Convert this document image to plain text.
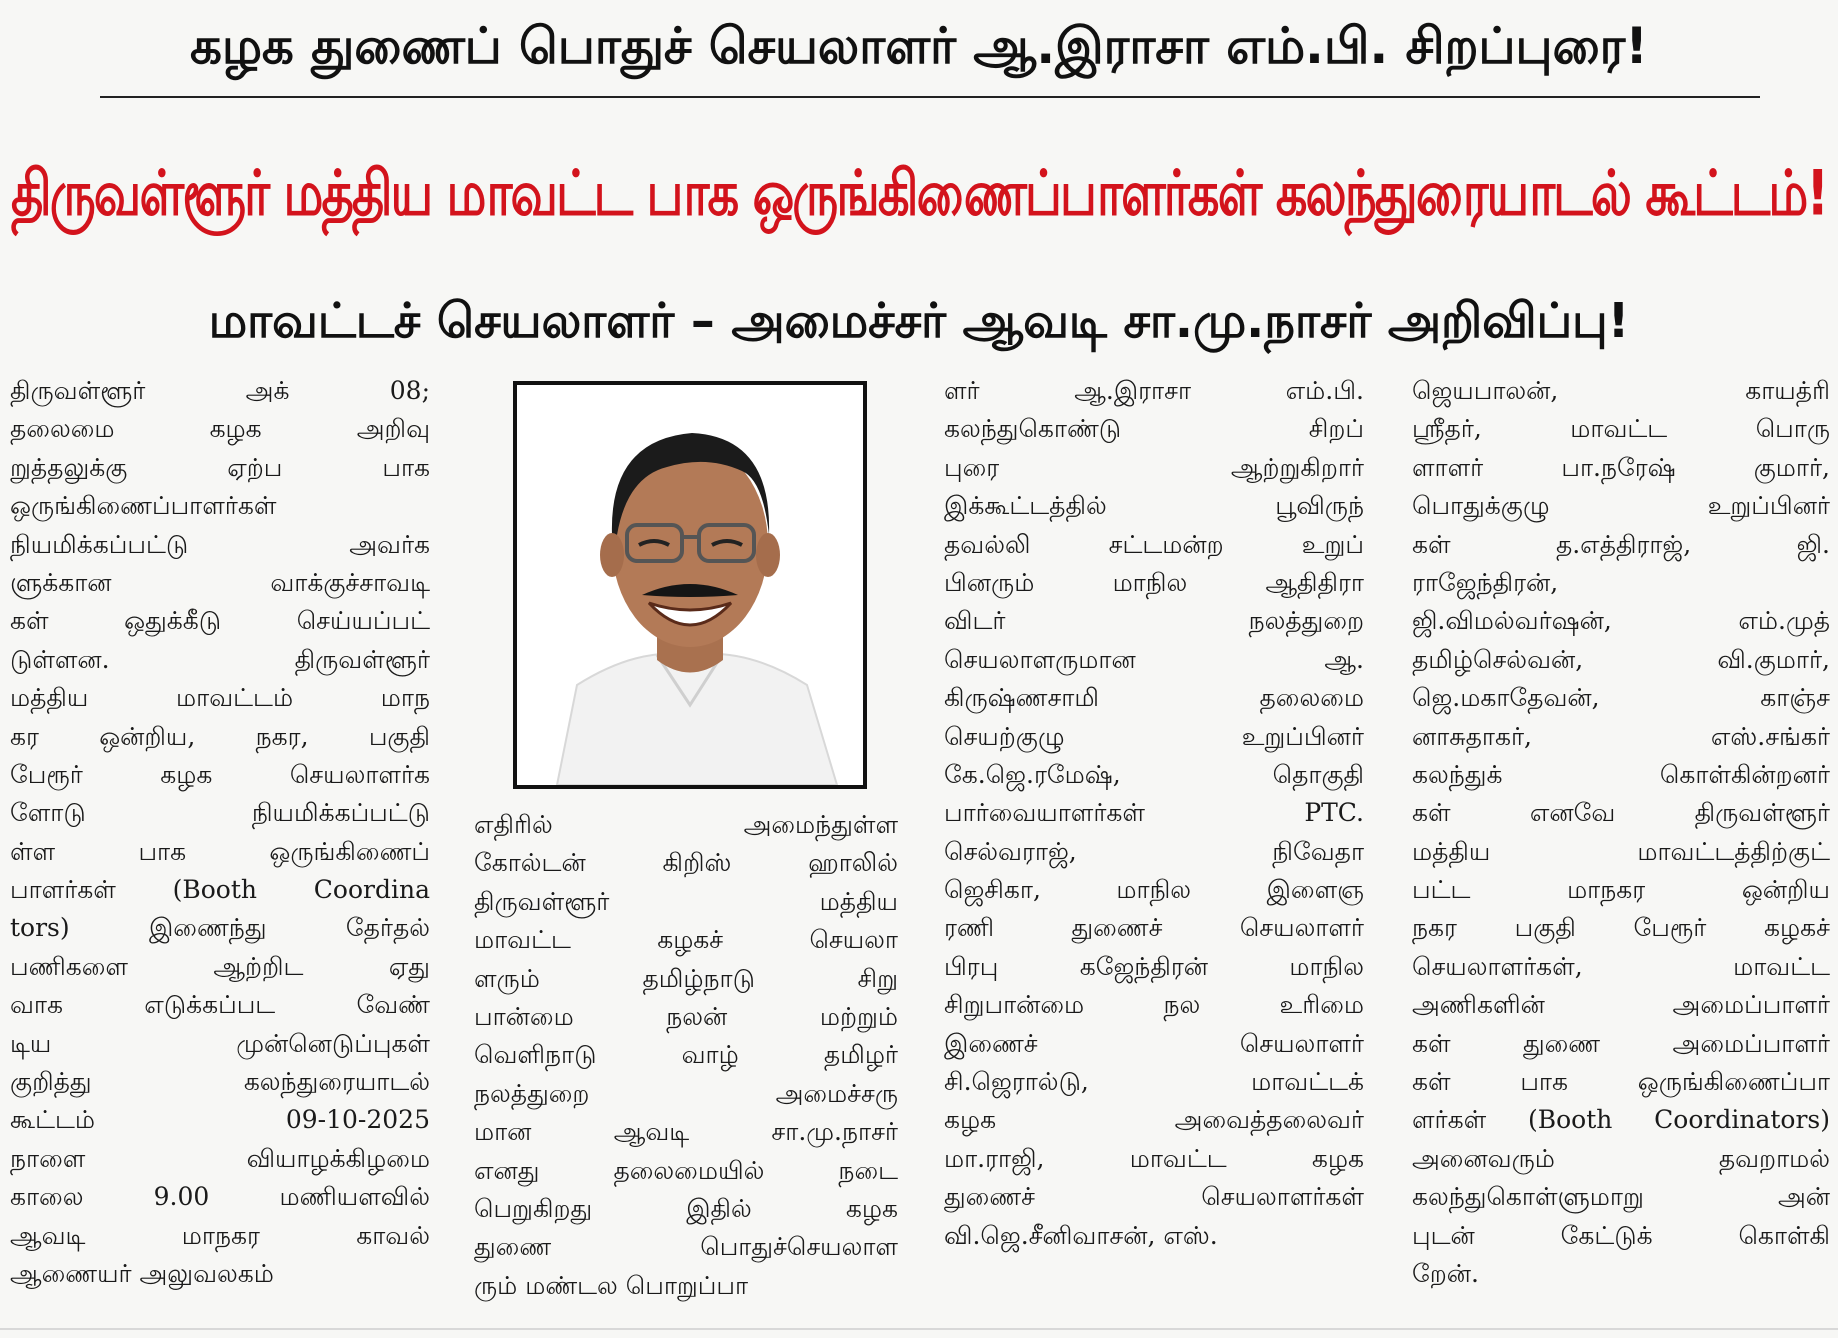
கழக துணைப் பொதுச் செயலாளர் ஆ.இராசா எம்.பி. சிறப்புரை!
திருவள்ளூர் மத்திய மாவட்ட பாக ஒருங்கிணைப்பாளர்கள் கலந்துரையாடல் கூட்டம்!
மாவட்டச் செயலாளர் – அமைச்சர் ஆவடி சா.மு.நாசர் அறிவிப்பு!
திருவள்ளூர் அக் 08;
தலைமை கழக அறிவு
றுத்தலுக்கு ஏற்ப பாக
ஒருங்கிணைப்பாளர்கள்
நியமிக்கப்பட்டு அவர்க
ளுக்கான வாக்குச்சாவடி
கள் ஒதுக்கீடு செய்யப்பட்
டுள்ளன. திருவள்ளூர்
மத்திய மாவட்டம் மாந
கர ஒன்றிய, நகர, பகுதி
பேரூர் கழக செயலாளர்க
ளோடு நியமிக்கப்பட்டு
ள்ள பாக ஒருங்கிணைப்
பாளர்கள் (Booth Coordina
tors) இணைந்து தேர்தல்
பணிகளை ஆற்றிட ஏது
வாக எடுக்கப்பட வேண்
டிய முன்னெடுப்புகள்
குறித்து கலந்துரையாடல்
கூட்டம் 09-10-2025
நாளை வியாழக்கிழமை
காலை 9.00 மணியளவில்
ஆவடி மாநகர காவல்
ஆணையர் அலுவலகம்
எதிரில் அமைந்துள்ள
கோல்டன் கிறிஸ் ஹாலில்
திருவள்ளூர் மத்திய
மாவட்ட கழகச் செயலா
ளரும் தமிழ்நாடு சிறு
பான்மை நலன் மற்றும்
வெளிநாடு வாழ் தமிழர்
நலத்துறை அமைச்சரு
மான ஆவடி சா.மு.நாசர்
எனது தலைமையில் நடை
பெறுகிறது இதில் கழக
துணை பொதுச்செயலாள
ரும் மண்டல பொறுப்பா
ளர் ஆ.இராசா எம்.பி.
கலந்துகொண்டு சிறப்
புரை ஆற்றுகிறார்
இக்கூட்டத்தில் பூவிருந்
தவல்லி சட்டமன்ற உறுப்
பினரும் மாநில ஆதிதிரா
விடர் நலத்துறை
செயலாளருமான ஆ.
கிருஷ்ணசாமி தலைமை
செயற்குழு உறுப்பினர்
கே.ஜெ.ரமேஷ், தொகுதி
பார்வையாளர்கள் PTC.
செல்வராஜ், நிவேதா
ஜெசிகா, மாநில இளைஞ
ரணி துணைச் செயலாளர்
பிரபு கஜேந்திரன் மாநில
சிறுபான்மை நல உரிமை
இணைச் செயலாளர்
சி.ஜெரால்டு, மாவட்டக்
கழக அவைத்தலைவர்
மா.ராஜி, மாவட்ட கழக
துணைச் செயலாளர்கள்
வி.ஜெ.சீனிவாசன், எஸ்.
ஜெயபாலன், காயத்ரி
ஸ்ரீதர், மாவட்ட பொரு
ளாளர் பா.நரேஷ் குமார்,
பொதுக்குழு உறுப்பினர்
கள் த.எத்திராஜ், ஜி.
ராஜேந்திரன்,
ஜி.விமல்வர்ஷன், எம்.முத்
தமிழ்செல்வன், வி.குமார்,
ஜெ.மகாதேவன், காஞ்ச
னாசுதாகர், எஸ்.சங்கர்
கலந்துக் கொள்கின்றனர்
கள் எனவே திருவள்ளூர்
மத்திய மாவட்டத்திற்குட்
பட்ட மாநகர ஒன்றிய
நகர பகுதி பேரூர் கழகச்
செயலாளர்கள், மாவட்ட
அணிகளின் அமைப்பாளர்
கள் துணை அமைப்பாளர்
கள் பாக ஒருங்கிணைப்பா
ளர்கள் (Booth Coordinators)
அனைவரும் தவறாமல்
கலந்துகொள்ளுமாறு அன்
புடன் கேட்டுக் கொள்கி
றேன்.
